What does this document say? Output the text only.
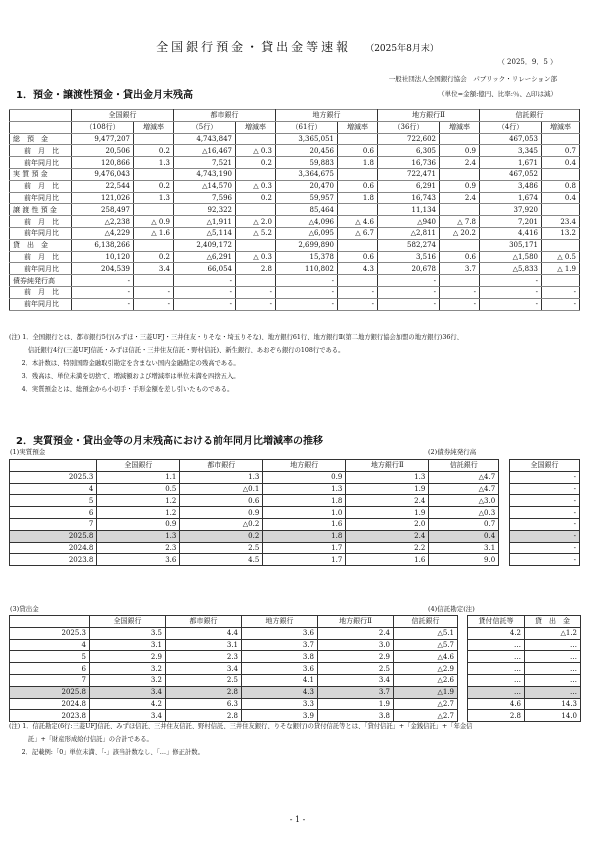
全国銀行預金・貸出金等速報 （2025年8月末）
（ 2025．9．5 ）
一般社団法人全国銀行協会　パブリック・リレーション部
1．預金・譲渡性預金・貸出金月末残高	（単位=金額:億円、比率:％、△印は減）
	全国銀行		都市銀行		地方銀行		地方銀行Ⅱ		信託銀行	
	（108行）	増減率	（5行）	増減率	（61行）	増減率	（36行）	増減率	（4行）	増減率
総　預　金	9,477,207		4,743,847		3,365,051		722,602		467,053	
前　月　比	20,506	0.2	△16,467	△ 0.3	20,456	0.6	6,305	0.9	3,345	0.7
前年同月比	120,866	1.3	7,521	0.2	59,883	1.8	16,736	2.4	1,671	0.4
実 質 預 金	9,476,043		4,743,190		3,364,675		722,471		467,052	
前　月　比	22,544	0.2	△14,570	△ 0.3	20,470	0.6	6,291	0.9	3,486	0.8
前年同月比	121,026	1.3	7,596	0.2	59,957	1.8	16,743	2.4	1,674	0.4
譲 渡 性 預 金	258,497		92,322		85,464		11,134		37,920	
前　月　比	△2,238	△ 0.9	△1,911	△ 2.0	△4,096	△ 4.6	△940	△ 7.8	7,201	23.4
前年同月比	△4,229	△ 1.6	△5,114	△ 5.2	△6,095	△ 6.7	△2,811	△ 20.2	4,416	13.2
貸　出　金	6,138,266		2,409,172		2,699,890		582,274		305,171	
前　月　比	10,120	0.2	△6,291	△ 0.3	15,378	0.6	3,516	0.6	△1,580	△ 0.5
前年同月比	204,539	3.4	66,054	2.8	110,802	4.3	20,678	3.7	△5,833	△ 1.9
債券純発行高	-		-		-		-		-	
前　月　比	-	-	-	-	-	-	-	-	-	-
前年同月比	-	-	-	-	-	-	-	-	-	-
(注) 1．全国銀行とは、都市銀行5行(みずほ・三菱UFJ・三井住友・りそな・埼玉りそな)、地方銀行61行、地方銀行Ⅱ(第二地方銀行協会加盟の地方銀行)36行、
　　　信託銀行4行(三菱UFJ信託・みずほ信託・三井住友信託・野村信託)、新生銀行、あおぞら銀行の108行である。
　　2．本計数は、特別国際金融取引勘定を含まない国内金融勘定の残高である。
　　3．残高は、単位未満を切捨て、増減額および増減率は単位未満を四捨五入。
　　4．実質預金とは、総預金から小切手・手形金額を差し引いたものである。
2．実質預金・貸出金等の月末残高における前年同月比増減率の推移
(1)実質預金	(2)債券純発行高
	全国銀行	都市銀行	地方銀行	地方銀行Ⅱ	信託銀行		全国銀行
2025.3	1.1	1.3	0.9	1.3	△4.7		-
4	0.5	△0.1	1.3	1.9	△4.7		-
5	1.2	0.6	1.8	2.4	△3.0		-
6	1.2	0.9	1.0	1.9	△0.3		-
7	0.9	△0.2	1.6	2.0	0.7		-
2025.8	1.3	0.2	1.8	2.4	0.4		-
2024.8	2.3	2.5	1.7	2.2	3.1		-
2023.8	3.6	4.5	1.7	1.6	9.0		-
(3)貸出金	(4)信託勘定(注)
	全国銀行	都市銀行	地方銀行	地方銀行Ⅱ	信託銀行		貸付信託等	貸　出　金
2025.3	3.5	4.4	3.6	2.4	△5.1		4.2	△1.2
4	3.1	3.1	3.7	3.0	△5.7		…	…
5	2.9	2.3	3.8	2.9	△4.6		…	…
6	3.2	3.4	3.6	2.5	△2.9		…	…
7	3.2	2.5	4.1	3.4	△2.6		…	…
2025.8	3.4	2.8	4.3	3.7	△1.9		…	…
2024.8	4.2	6.3	3.3	1.9	△2.7		4.6	14.3
2023.8	3.4	2.8	3.9	3.8	△2.7		2.8	14.0
(注) 1．信託勘定(6行:三菱UFJ信託、みずほ信託、三井住友信託、野村信託、三井住友銀行、りそな銀行)の貸付信託等とは、「貸付信託」+「金銭信託」+「年金信
　　　託」+「財産形成給付信託」の合計である。
　　2．記載例:「0」単位未満、「-」該当計数なし、「…」修正計数。
- 1 -
